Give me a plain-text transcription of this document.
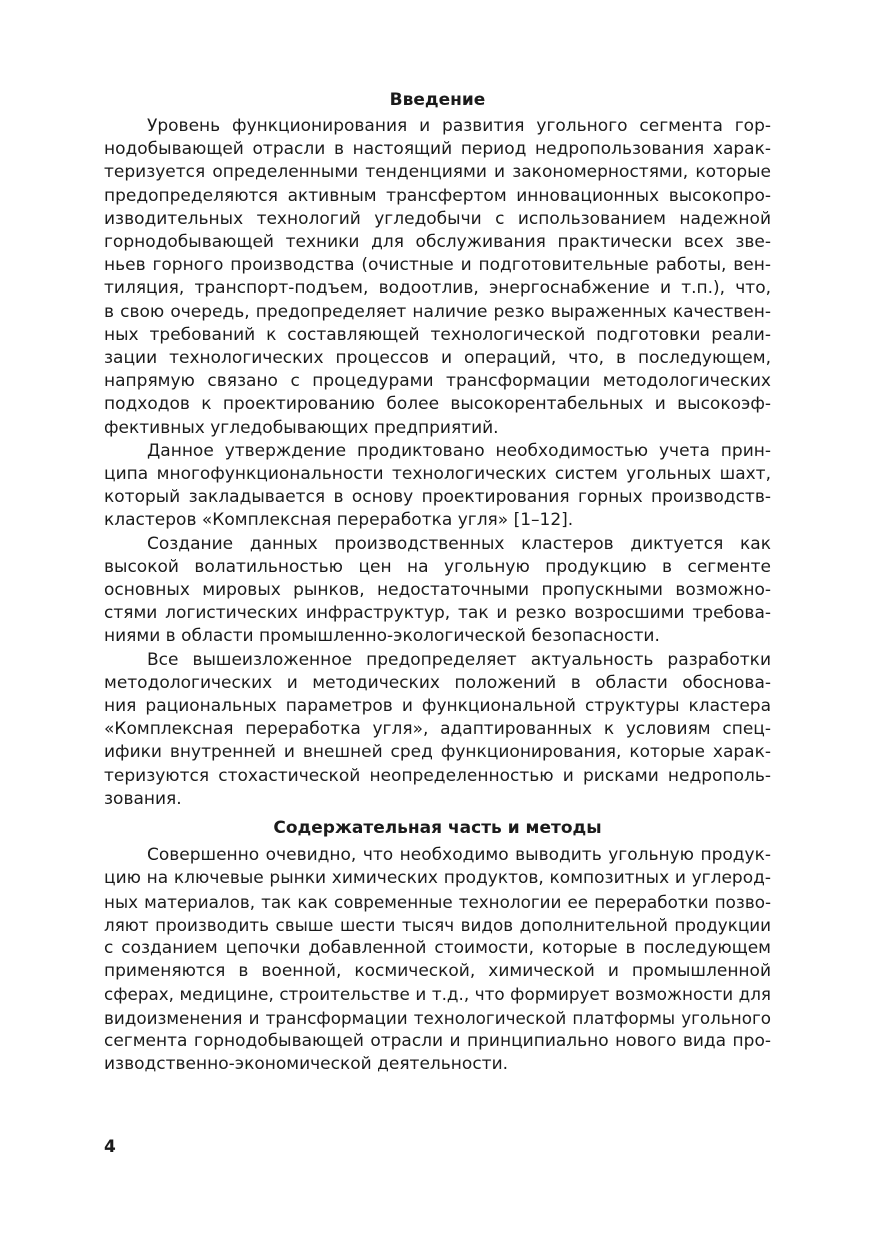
Введение

Уровень функционирования и развития угольного сегмента гор-
нодобывающей отрасли в настоящий период недропользования харак-
теризуется определенными тенденциями и закономерностями, которые
предопределяются активным трансфертом инновационных высокопро-
изводительных технологий угледобычи с использованием надежной
горнодобывающей техники для обслуживания практически всех зве-
ньев горного производства (очистные и подготовительные работы, вен-
тиляция, транспорт-подъем, водоотлив, энергоснабжение и т.п.), что,
в свою очередь, предопределяет наличие резко выраженных качествен-
ных требований к составляющей технологической подготовки реали-
зации технологических процессов и операций, что, в последующем,
напрямую связано с процедурами трансформации методологических
подходов к проектированию более высокорентабельных и высокоэф-
фективных угледобывающих предприятий.

Данное утверждение продиктовано необходимостью учета прин-
ципа многофункциональности технологических систем угольных шахт,
который закладывается в основу проектирования горных производств-
кластеров «Комплексная переработка угля» [1–12].

Создание данных производственных кластеров диктуется как
высокой волатильностью цен на угольную продукцию в сегменте
основных мировых рынков, недостаточными пропускными возможно-
стями логистических инфраструктур, так и резко возросшими требова-
ниями в области промышленно-экологической безопасности.

Все вышеизложенное предопределяет актуальность разработки
методологических и методических положений в области обоснова-
ния рациональных параметров и функциональной структуры кластера
«Комплексная переработка угля», адаптированных к условиям спец-
ифики внутренней и внешней сред функционирования, которые харак-
теризуются стохастической неопределенностью и рисками недрополь-
зования.

Содержательная часть и методы

Совершенно очевидно, что необходимо выводить угольную продук-
цию на ключевые рынки химических продуктов, композитных и углерод-
ных материалов, так как современные технологии ее переработки позво-
ляют производить свыше шести тысяч видов дополнительной продукции
с созданием цепочки добавленной стоимости, которые в последующем
применяются в военной, космической, химической и промышленной
сферах, медицине, строительстве и т.д., что формирует возможности для
видоизменения и трансформации технологической платформы угольного
сегмента горнодобывающей отрасли и принципиально нового вида про-
изводственно-экономической деятельности.

4
